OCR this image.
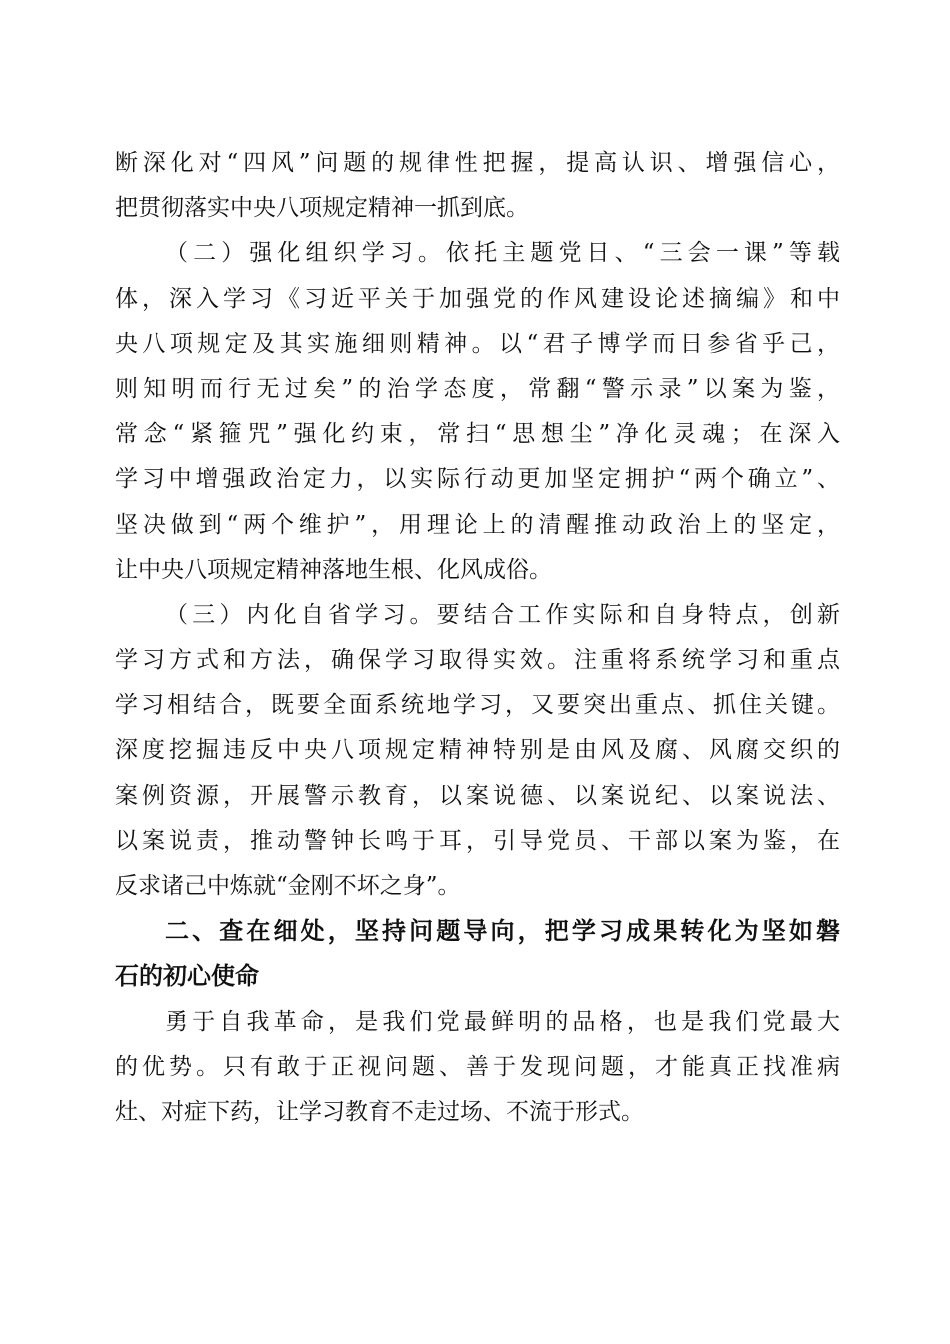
断深化对“四风”问题的规律性把握，提高认识、增强信心，
把贯彻落实中央八项规定精神一抓到底。
（二）强化组织学习。依托主题党日、“三会一课”等载
体，深入学习《习近平关于加强党的作风建设论述摘编》和中
央八项规定及其实施细则精神。以“君子博学而日参省乎己，
则知明而行无过矣”的治学态度，常翻“警示录”以案为鉴，
常念“紧箍咒”强化约束，常扫“思想尘”净化灵魂；在深入
学习中增强政治定力，以实际行动更加坚定拥护“两个确立”、
坚决做到“两个维护”，用理论上的清醒推动政治上的坚定，
让中央八项规定精神落地生根、化风成俗。
（三）内化自省学习。要结合工作实际和自身特点，创新
学习方式和方法，确保学习取得实效。注重将系统学习和重点
学习相结合，既要全面系统地学习，又要突出重点、抓住关键。
深度挖掘违反中央八项规定精神特别是由风及腐、风腐交织的
案例资源，开展警示教育，以案说德、以案说纪、以案说法、
以案说责，推动警钟长鸣于耳，引导党员、干部以案为鉴，在
反求诸己中炼就“金刚不坏之身”。
二、查在细处，坚持问题导向，把学习成果转化为坚如磐
石的初心使命
勇于自我革命，是我们党最鲜明的品格，也是我们党最大
的优势。只有敢于正视问题、善于发现问题，才能真正找准病
灶、对症下药，让学习教育不走过场、不流于形式。
